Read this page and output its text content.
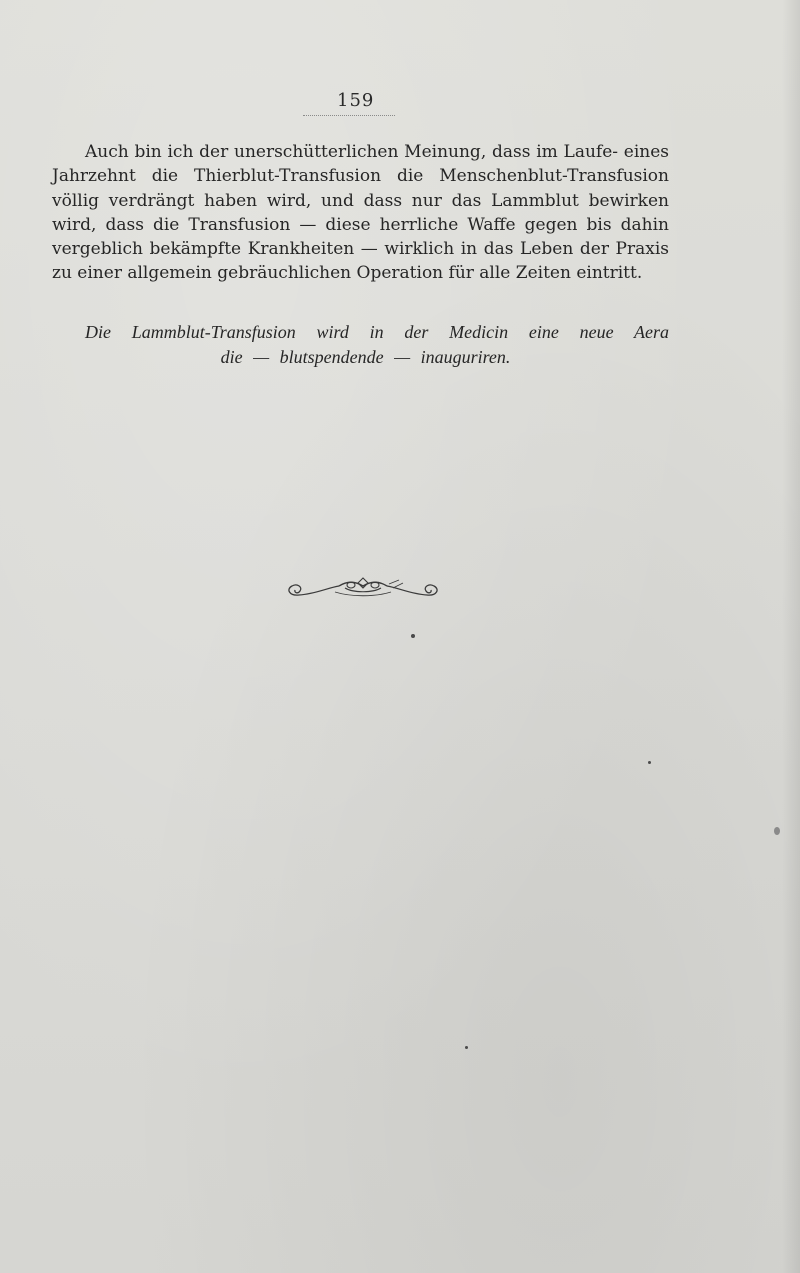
159

Auch bin ich der unerschütterlichen Meinung, dass im Laufe- eines Jahrzehnt die Thierblut-Transfusion die Menschenblut-Transfusion völlig verdrängt haben wird, und dass nur das Lammblut bewirken wird, dass die Transfusion — diese herrliche Waffe gegen bis dahin vergeblich bekämpfte Krankheiten — wirklich in das Leben der Praxis zu einer allgemein gebräuchlichen Operation für alle Zeiten eintritt.

Die Lammblut-Transfusion wird in der Medicin eine neue Aera
die — blutspendende — inauguriren.
